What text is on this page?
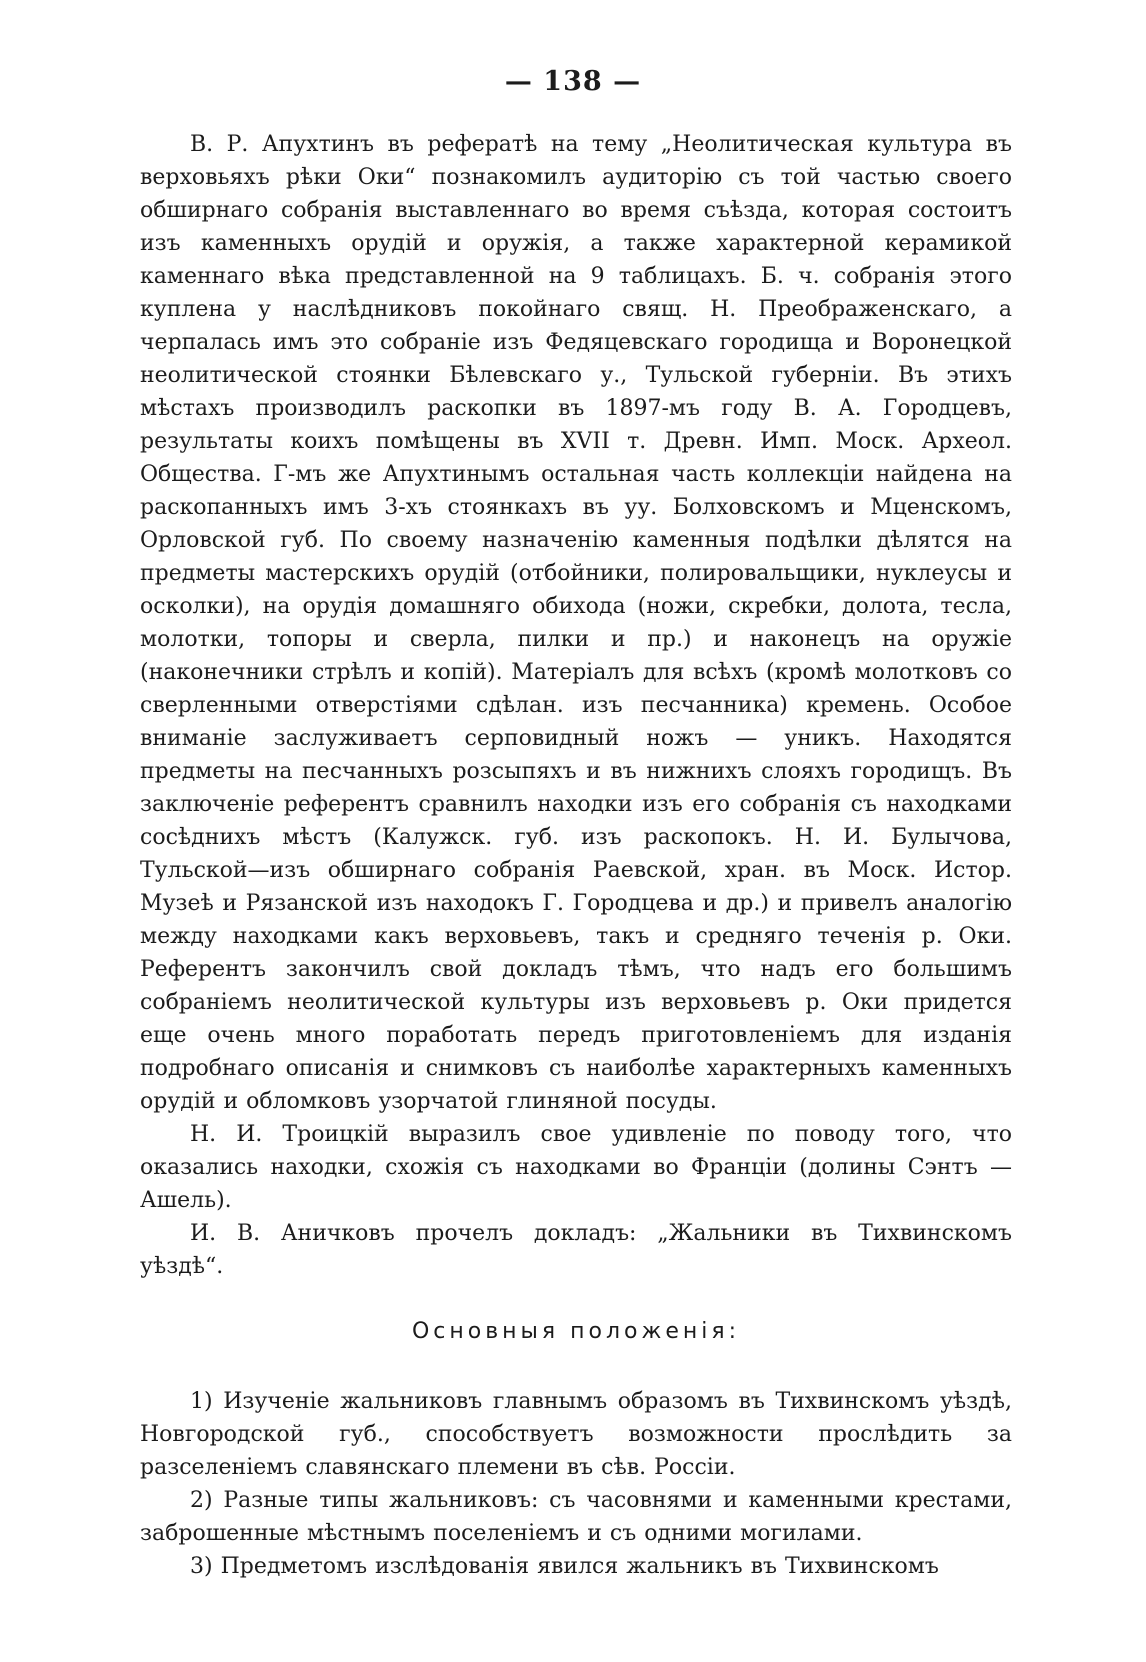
— 138 —

В. Р. Апухтинъ въ рефератѣ на тему „Неолитическая культура въ верховьяхъ рѣки Оки“ познакомилъ аудиторію съ той частью своего обширнаго собранія выставленнаго во время съѣзда, которая состоитъ изъ каменныхъ орудій и оружія, а также характерной керамикой каменнаго вѣка представленной на 9 таблицахъ. Б. ч. собранія этого куплена у наслѣдниковъ покойнаго свящ. Н. Преображенскаго, а черпалась имъ это собраніе изъ Федяцевскаго городища и Воронецкой неолитической стоянки Бѣлевскаго у., Тульской губерніи. Въ этихъ мѣстахъ производилъ раскопки въ 1897-мъ году В. А. Городцевъ, результаты коихъ помѣщены въ XVII т. Древн. Имп. Моск. Археол. Общества. Г-мъ же Апухтинымъ остальная часть коллекціи найдена на раскопанныхъ имъ 3-хъ стоянкахъ въ уу. Болховскомъ и Мценскомъ, Орловской губ. По своему назначенію каменныя подѣлки дѣлятся на предметы мастерскихъ орудій (отбойники, полировальщики, нуклеусы и осколки), на орудія домашняго обихода (ножи, скребки, долота, тесла, молотки, топоры и сверла, пилки и пр.) и наконецъ на оружіе (наконечники стрѣлъ и копій). Матеріалъ для всѣхъ (кромѣ молотковъ со сверленными отверстіями сдѣлан. изъ песчанника) кремень. Особое вниманіе заслуживаетъ серповидный ножъ — уникъ. Находятся предметы на песчанныхъ розсыпяхъ и въ нижнихъ слояхъ городищъ. Въ заключеніе референтъ сравнилъ находки изъ его собранія съ находками сосѣднихъ мѣстъ (Калужск. губ. изъ раскопокъ. Н. И. Булычова, Тульской—изъ обширнаго собранія Раевской, хран. въ Моск. Истор. Музеѣ и Рязанской изъ находокъ Г. Городцева и др.) и привелъ аналогію между находками какъ верховьевъ, такъ и средняго теченія р. Оки. Референтъ закончилъ свой докладъ тѣмъ, что надъ его большимъ собраніемъ неолитической культуры изъ верховьевъ р. Оки придется еще очень много поработать передъ приготовленіемъ для изданія подробнаго описанія и снимковъ съ наиболѣе характерныхъ каменныхъ орудій и обломковъ узорчатой глиняной посуды.

Н. И. Троицкій выразилъ свое удивленіе по поводу того, что оказались находки, схожія съ находками во Франціи (долины Сэнтъ —Ашель).

И. В. Аничковъ прочелъ докладъ: „Жальники въ Тихвинскомъ уѣздѣ“.

Основныя положенія:

1) Изученіе жальниковъ главнымъ образомъ въ Тихвинскомъ уѣздѣ, Новгородской губ., способствуетъ возможности прослѣдить за разселеніемъ славянскаго племени въ сѣв. Россіи.

2) Разные типы жальниковъ: съ часовнями и каменными крестами, заброшенные мѣстнымъ поселеніемъ и съ одними могилами.

3) Предметомъ изслѣдованія явился жальникъ въ Тихвинскомъ
